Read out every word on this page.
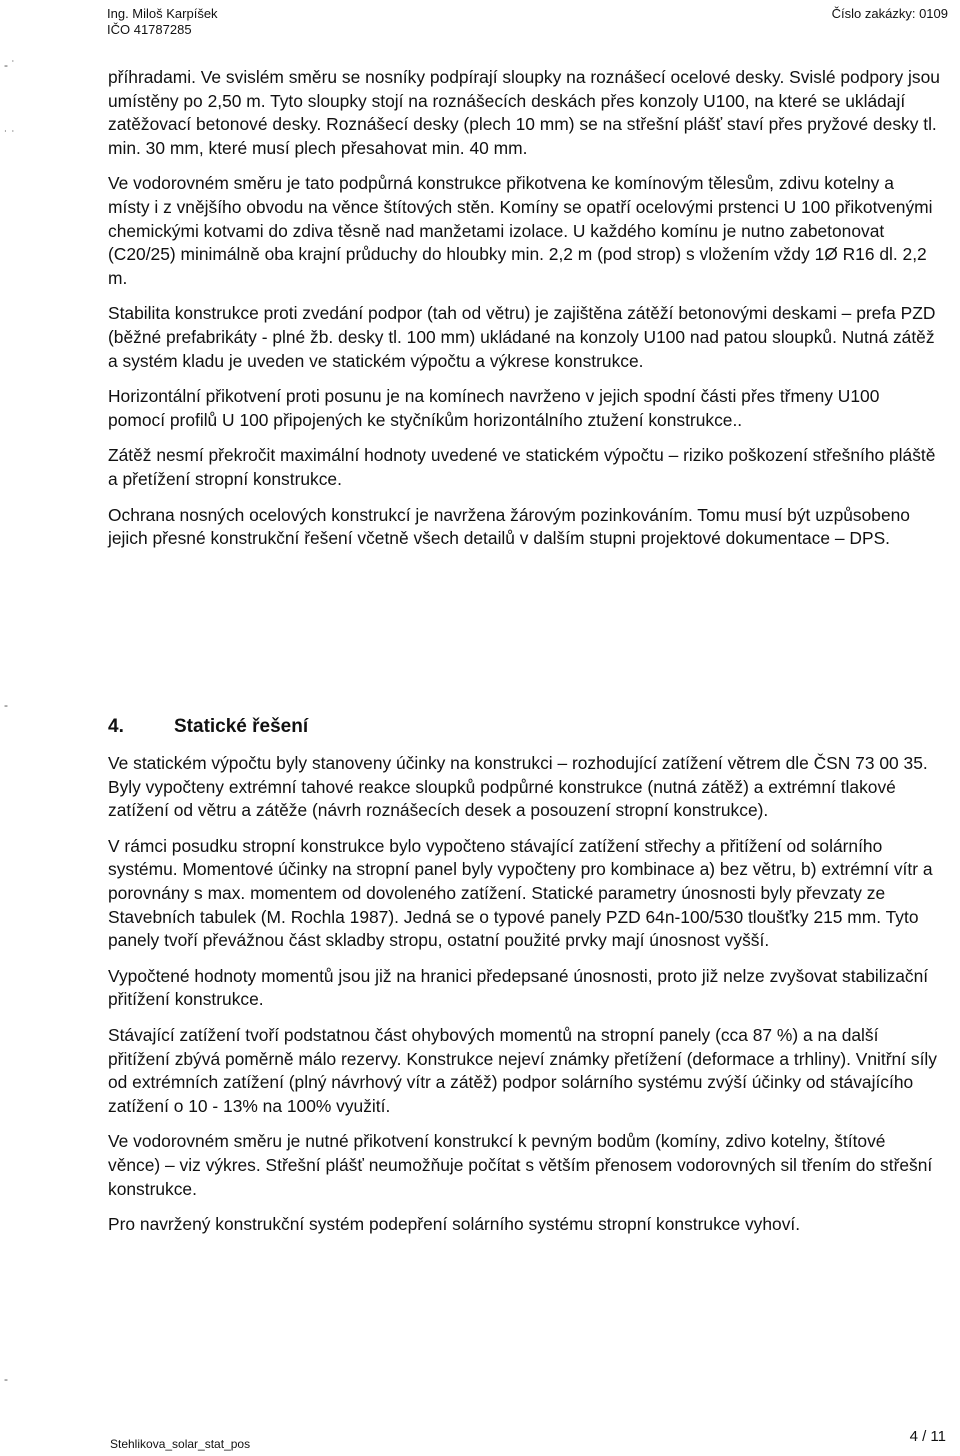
Ing. Miloš Karpíšek
IČO 41787285
Číslo zakázky: 0109
- ˙
˙ ˙
-
-

příhradami. Ve svislém směru se nosníky podpírají sloupky na roznášecí ocelové desky. Svislé podpory jsou umístěny po 2,50 m. Tyto sloupky stojí na roznášecích deskách přes konzoly U100, na které se ukládají zatěžovací betonové desky. Roznášecí desky (plech 10 mm) se na střešní plášť staví přes pryžové desky tl. min. 30 mm, které musí plech přesahovat min. 40 mm.

Ve vodorovném směru je tato podpůrná konstrukce přikotvena ke komínovým tělesům, zdivu kotelny a místy i z vnějšího obvodu na věnce štítových stěn. Komíny se opatří ocelovými prstenci U 100 přikotvenými chemickými kotvami do zdiva těsně nad manžetami izolace. U každého komínu je nutno zabetonovat (C20/25) minimálně oba krajní průduchy do hloubky min. 2,2 m (pod strop) s vložením vždy 1Ø R16 dl. 2,2 m.

Stabilita konstrukce proti zvedání podpor (tah od větru) je zajištěna zátěží betonovými deskami – prefa PZD (běžné prefabrikáty - plné žb. desky tl. 100 mm) ukládané na konzoly U100 nad patou sloupků. Nutná zátěž a systém kladu je uveden ve statickém výpočtu a výkrese konstrukce.

Horizontální přikotvení proti posunu je na komínech navrženo v jejich spodní části přes třmeny U100 pomocí profilů U 100 připojených ke styčníkům horizontálního ztužení konstrukce..

Zátěž nesmí překročit maximální hodnoty uvedené ve statickém výpočtu – riziko poškození střešního pláště a přetížení stropní konstrukce.

Ochrana nosných ocelových konstrukcí je navržena žárovým pozinkováním. Tomu musí být uzpůsobeno jejich přesné konstrukční řešení včetně všech detailů v dalším stupni projektové dokumentace – DPS.

4.	Statické řešení

Ve statickém výpočtu byly stanoveny účinky na konstrukci – rozhodující zatížení větrem dle ČSN 73 00 35. Byly vypočteny extrémní tahové reakce sloupků podpůrné konstrukce (nutná zátěž) a extrémní tlakové zatížení od větru a zátěže (návrh roznášecích desek a posouzení stropní konstrukce).

V rámci posudku stropní konstrukce bylo vypočteno stávající zatížení střechy a přitížení od solárního systému. Momentové účinky na stropní panel byly vypočteny pro kombinace a) bez větru, b) extrémní vítr a porovnány s max. momentem od dovoleného zatížení. Statické parametry únosnosti byly převzaty ze Stavebních tabulek (M. Rochla 1987). Jedná se o typové panely PZD 64n-100/530 tloušťky 215 mm. Tyto panely tvoří převážnou část skladby stropu, ostatní použité prvky mají únosnost vyšší.

Vypočtené hodnoty momentů jsou již na hranici předepsané únosnosti, proto již nelze zvyšovat stabilizační přitížení konstrukce.

Stávající zatížení tvoří podstatnou část ohybových momentů na stropní panely (cca 87 %) a na další přitížení zbývá poměrně málo rezervy. Konstrukce nejeví známky přetížení (deformace a trhliny). Vnitřní síly od extrémních zatížení (plný návrhový vítr a zátěž) podpor solárního systému zvýší účinky od stávajícího zatížení o 10 - 13% na 100% využití.

Ve vodorovném směru je nutné přikotvení konstrukcí k pevným bodům (komíny, zdivo kotelny, štítové věnce) – viz výkres. Střešní plášť neumožňuje počítat s větším přenosem vodorovných sil třením do střešní konstrukce.

Pro navržený konstrukční systém podepření solárního systému stropní konstrukce vyhoví.

Stehlikova_solar_stat_pos	4 / 11
